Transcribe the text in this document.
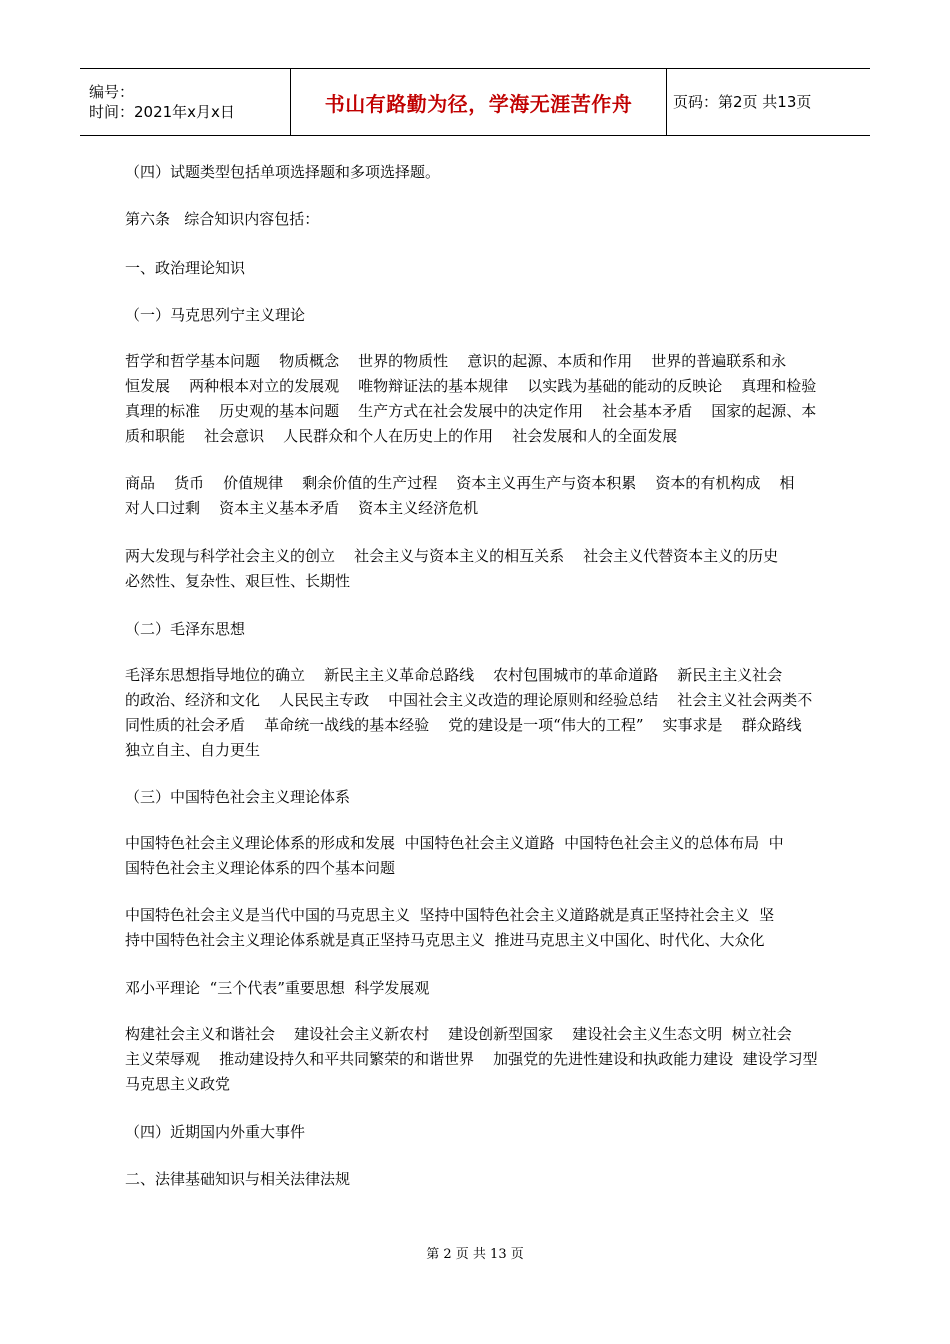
编号：
时间：2021年x月x日	书山有路勤为径，学海无涯苦作舟	页码：第2页 共13页
（四）试题类型包括单项选择题和多项选择题。
第六条   综合知识内容包括：
一、政治理论知识
（一）马克思列宁主义理论
哲学和哲学基本问题    物质概念    世界的物质性    意识的起源、本质和作用    世界的普遍联系和永
恒发展    两种根本对立的发展观    唯物辩证法的基本规律    以实践为基础的能动的反映论    真理和检验
真理的标准    历史观的基本问题    生产方式在社会发展中的决定作用    社会基本矛盾    国家的起源、本
质和职能    社会意识    人民群众和个人在历史上的作用    社会发展和人的全面发展
商品    货币    价值规律    剩余价值的生产过程    资本主义再生产与资本积累    资本的有机构成    相
对人口过剩    资本主义基本矛盾    资本主义经济危机
两大发现与科学社会主义的创立    社会主义与资本主义的相互关系    社会主义代替资本主义的历史
必然性、复杂性、艰巨性、长期性
（二）毛泽东思想
毛泽东思想指导地位的确立    新民主主义革命总路线    农村包围城市的革命道路    新民主主义社会
的政治、经济和文化    人民民主专政    中国社会主义改造的理论原则和经验总结    社会主义社会两类不
同性质的社会矛盾    革命统一战线的基本经验    党的建设是一项“伟大的工程”    实事求是    群众路线
独立自主、自力更生
（三）中国特色社会主义理论体系
中国特色社会主义理论体系的形成和发展  中国特色社会主义道路  中国特色社会主义的总体布局  中
国特色社会主义理论体系的四个基本问题
中国特色社会主义是当代中国的马克思主义  坚持中国特色社会主义道路就是真正坚持社会主义  坚
持中国特色社会主义理论体系就是真正坚持马克思主义  推进马克思主义中国化、时代化、大众化
邓小平理论  “三个代表”重要思想  科学发展观
构建社会主义和谐社会    建设社会主义新农村    建设创新型国家    建设社会主义生态文明  树立社会
主义荣辱观    推动建设持久和平共同繁荣的和谐世界    加强党的先进性建设和执政能力建设  建设学习型
马克思主义政党
（四）近期国内外重大事件
二、法律基础知识与相关法律法规
第 2 页 共 13 页
